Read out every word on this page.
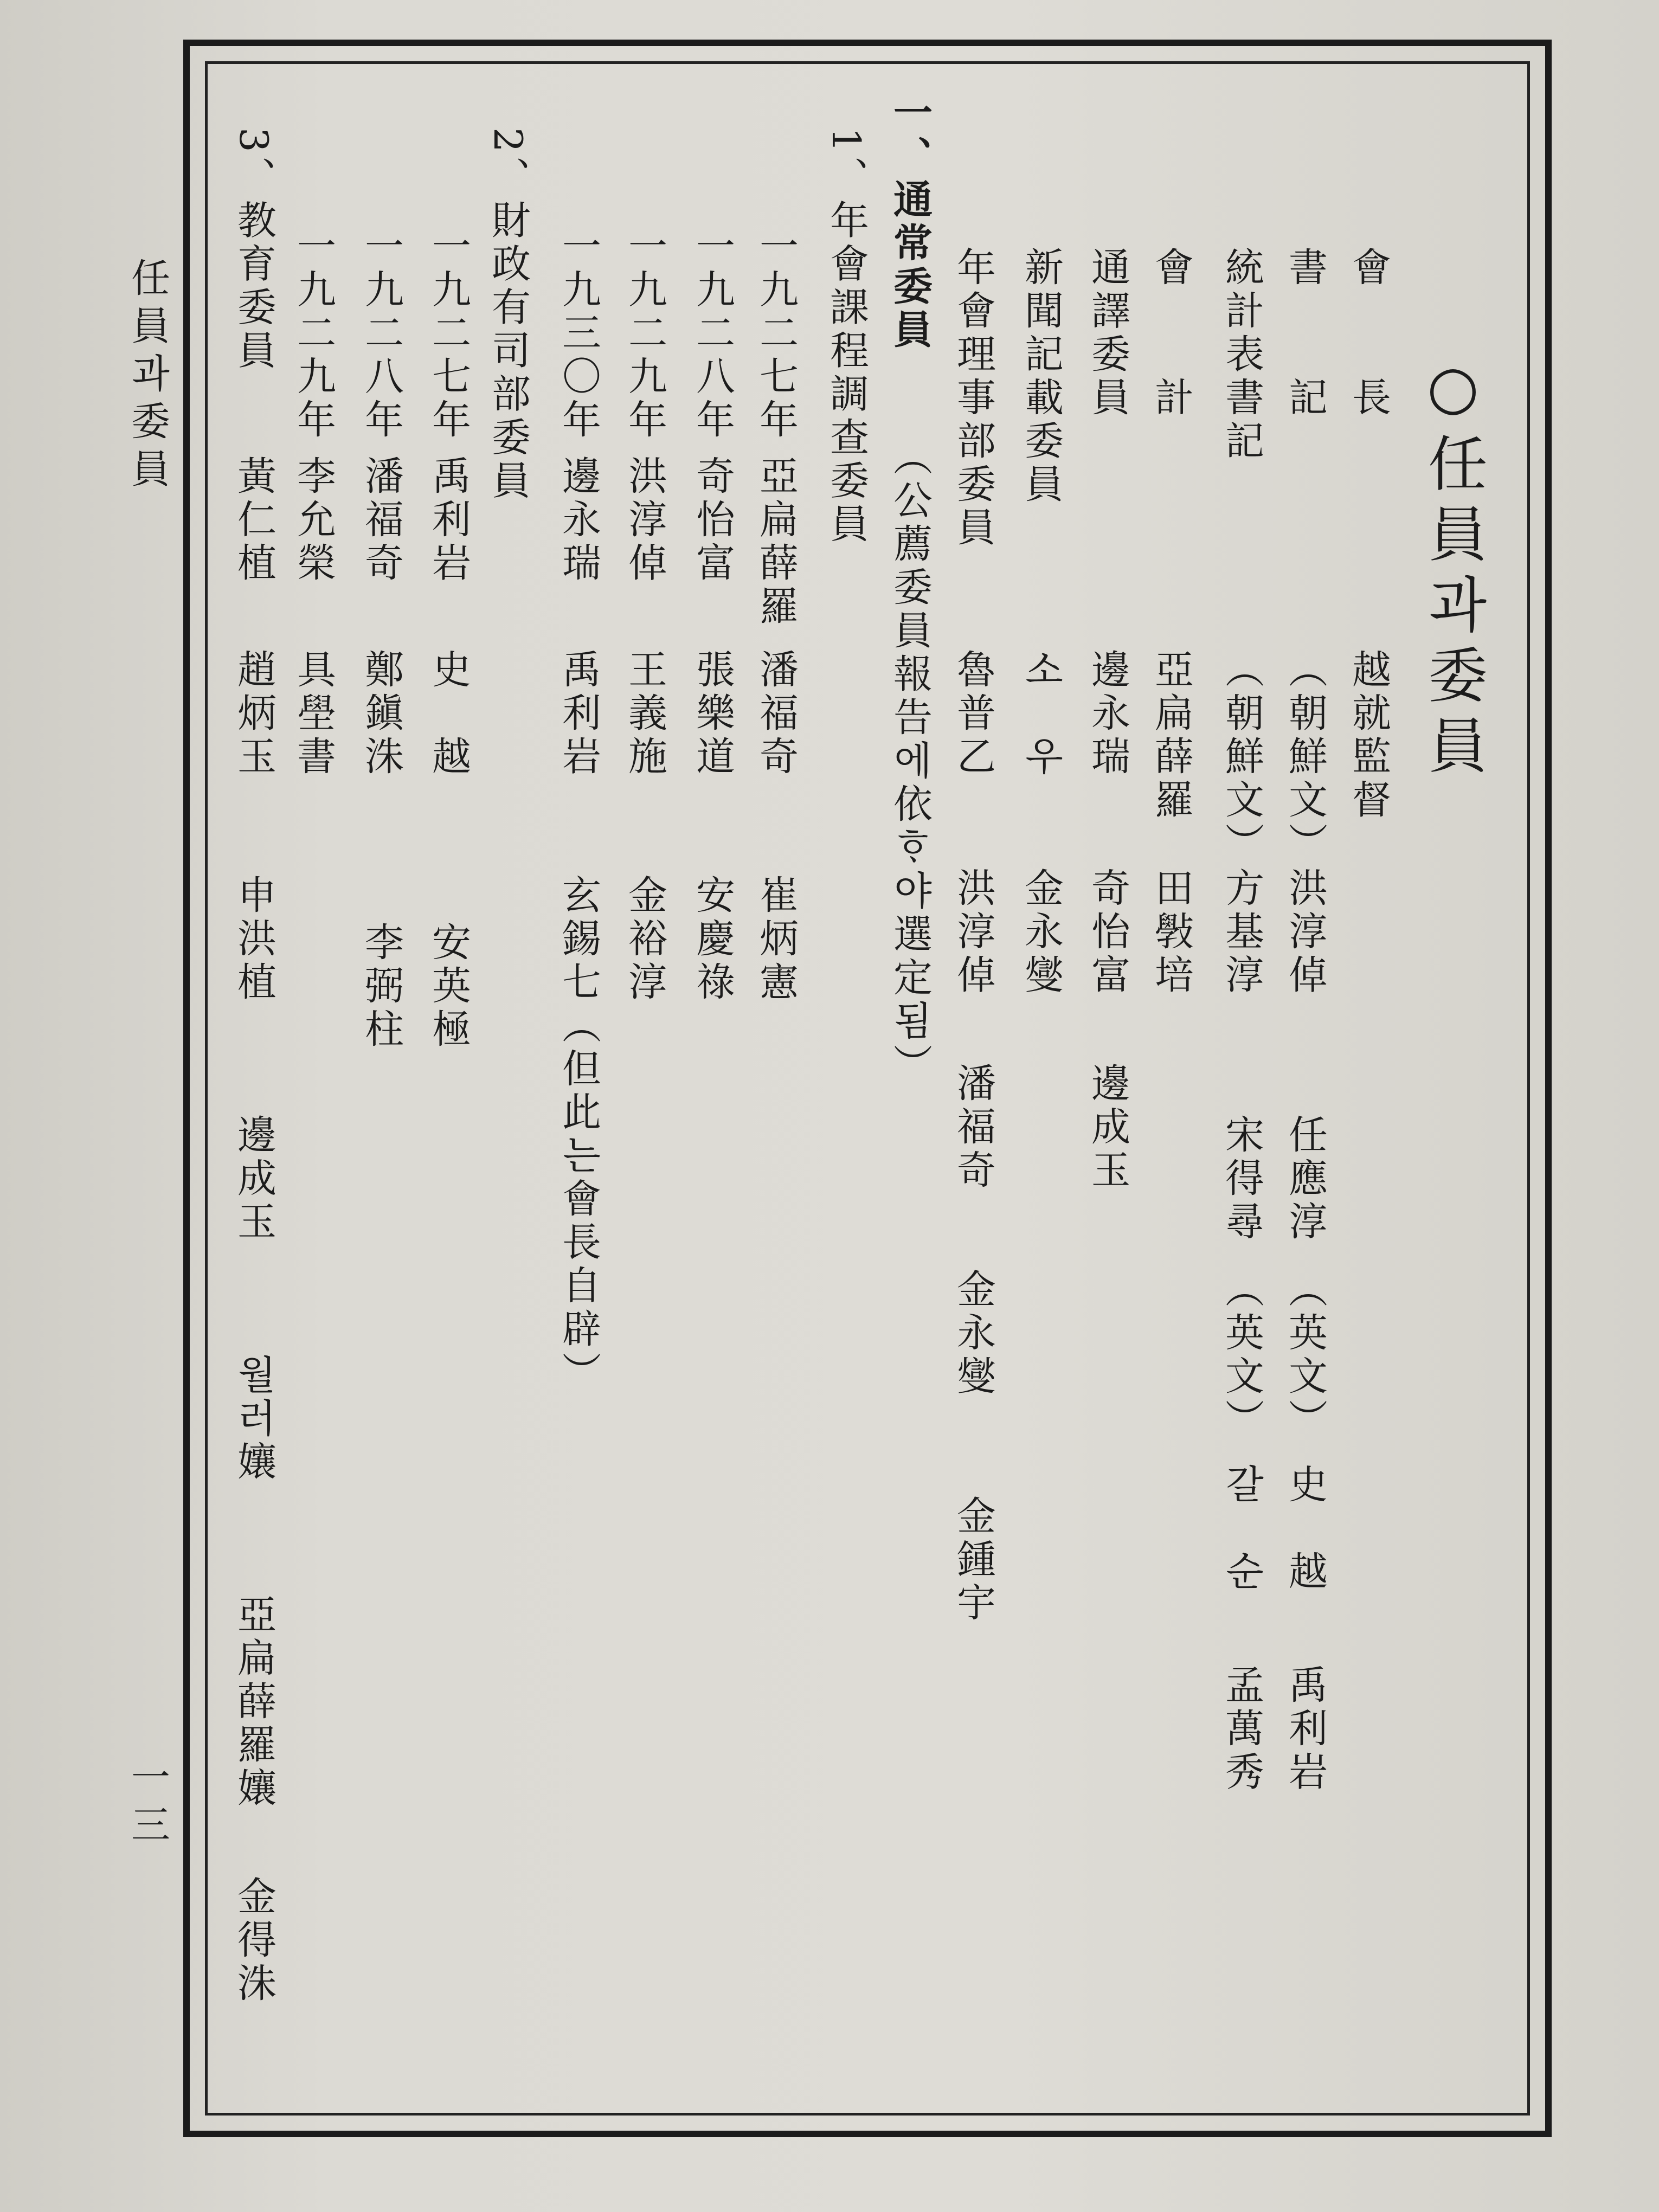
任員과委員
一三
○任員과委員
會　　長
越就監督
書　　記
（朝鮮文）
洪淳倬
任應淳
（英文）
史　越
禹利岩
統計表書記
（朝鮮文）
方基淳
宋得尋
（英文）
갈　순
孟萬秀
會　　計
亞扁薛羅
田斅培
通譯委員
邊永瑞
奇怡富
邊成玉
新聞記載委員
소　우
金永燮
年會理事部委員
魯普乙
洪淳倬
潘福奇
金永燮
金鍾宇
一、通常委員
（公薦委員報告에依ᄒᆞ야選定됨）
1、年會課程調查委員
一九二七年
亞扁薛羅
潘福奇
崔炳憲
一九二八年
奇怡富
張樂道
安慶祿
一九二九年
洪淳倬
王義施
金裕淳
一九三〇年
邊永瑞
禹利岩
玄錫七（但此는會長自辟）
2、財政有司部委員
一九二七年
禹利岩
史　越
安英極
一九二八年
潘福奇
鄭鎭洙
李弼柱
一九二九年
李允榮
具壆書
3、教育委員
黃仁植
趙炳玉
申洪植
邊成玉
월러孃
亞扁薛羅孃
金得洙
